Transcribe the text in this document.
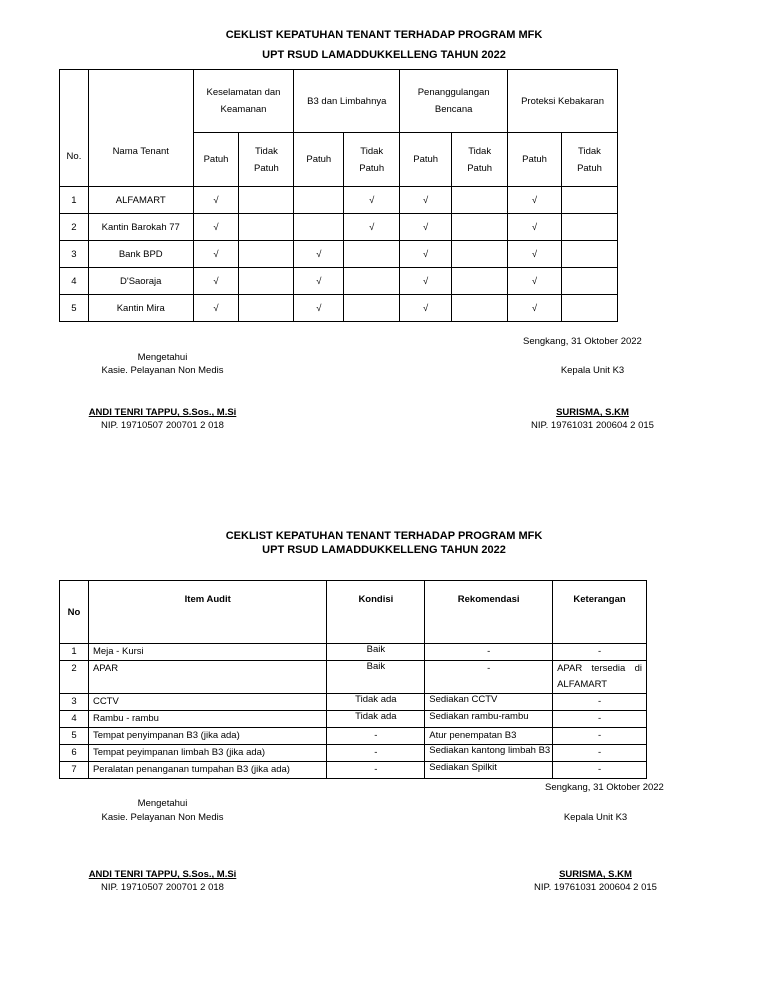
CEKLIST KEPATUHAN TENANT TERHADAP PROGRAM MFK
UPT RSUD LAMADDUKKELLENG TAHUN 2022
No.	Nama Tenant	Keselamatan dan Keamanan		B3 dan Limbahnya		Penanggulangan Bencana		Proteksi Kebakaran	
		Patuh	Tidak Patuh	Patuh	Tidak Patuh	Patuh	Tidak Patuh	Patuh	Tidak Patuh
1	ALFAMART	√			√	√		√	
2	Kantin Barokah 77	√			√	√		√	
3	Bank BPD	√		√		√		√	
4	D'Saoraja	√		√		√		√	
5	Kantin Mira	√		√		√		√	
Sengkang, 31 Oktober 2022
Mengetahui
Kasie. Pelayanan Non Medis	Kepala Unit K3
ANDI TENRI TAPPU, S.Sos., M.Si
NIP. 19710507 200701 2 018
SURISMA, S.KM
NIP. 19761031 200604 2 015
CEKLIST KEPATUHAN TENANT TERHADAP PROGRAM MFK
UPT RSUD LAMADDUKKELLENG TAHUN 2022
No	Item Audit	Kondisi	Rekomendasi	Keterangan
1	Meja - Kursi	Baik	-	-
2	APAR	Baik	-	APAR tersedia di ALFAMART
3	CCTV	Tidak ada	Sediakan CCTV	-
4	Rambu - rambu	Tidak ada	Sediakan rambu-rambu	-
5	Tempat penyimpanan B3 (jika ada)	-	Atur penempatan B3	-
6	Tempat peyimpanan limbah B3 (jika ada)	-	Sediakan kantong limbah B3	-
7	Peralatan penanganan tumpahan B3 (jika ada)	-	Sediakan Spilkit	-
Sengkang, 31 Oktober 2022
Mengetahui
Kasie. Pelayanan Non Medis	Kepala Unit K3
ANDI TENRI TAPPU, S.Sos., M.Si
NIP. 19710507 200701 2 018
SURISMA, S.KM
NIP. 19761031 200604 2 015
